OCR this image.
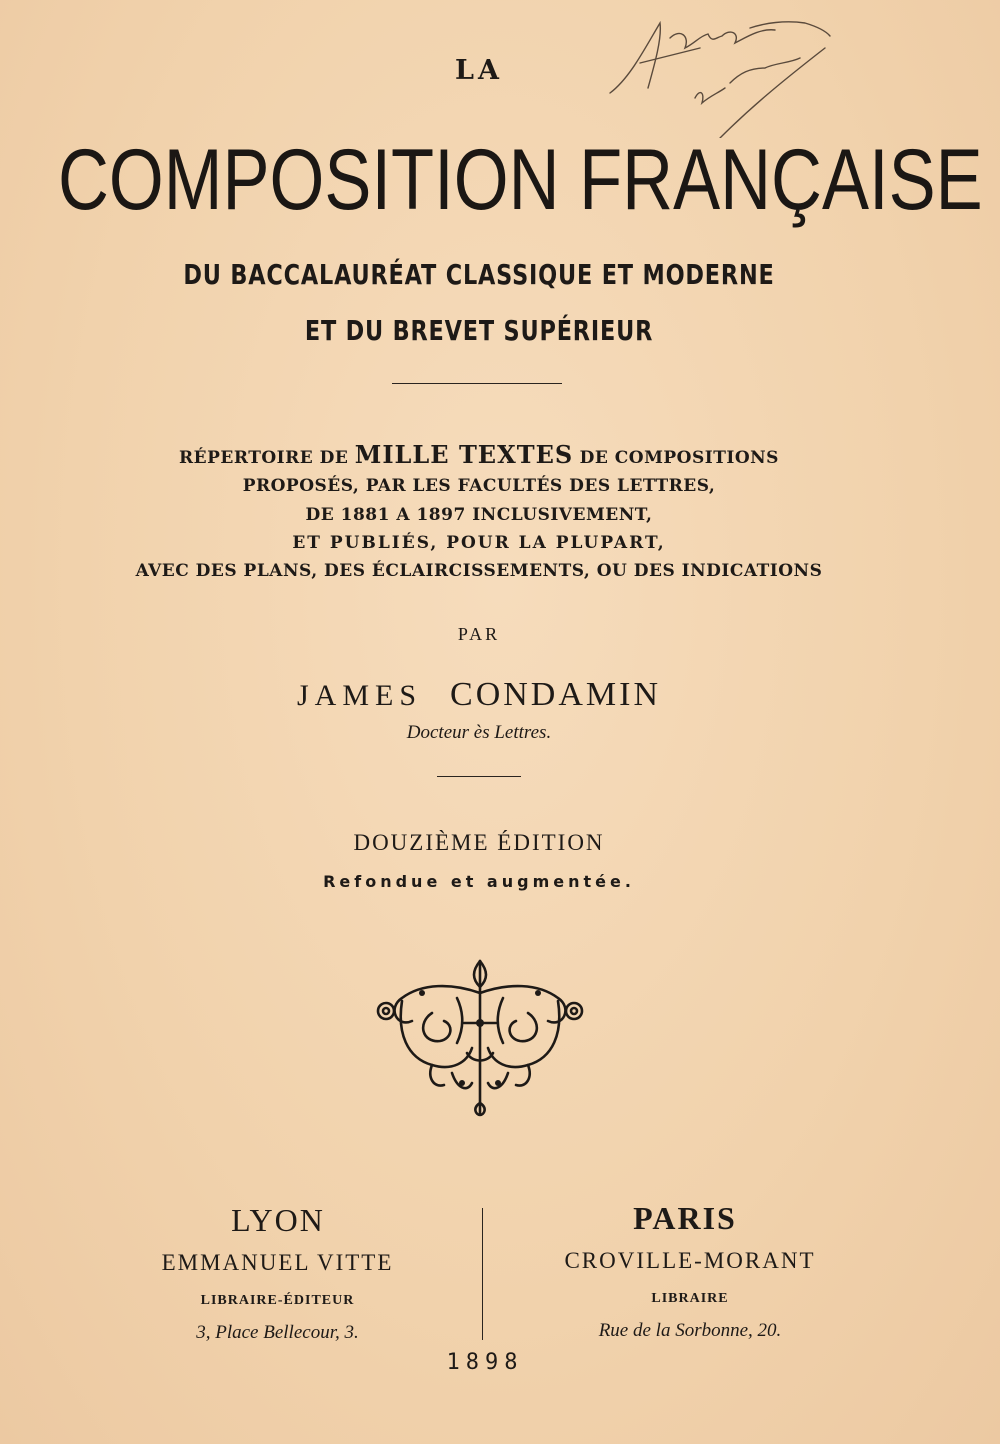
LA

COMPOSITION FRANÇAISE

DU BACCALAURÉAT CLASSIQUE ET MODERNE

ET DU BREVET SUPÉRIEUR

RÉPERTOIRE DE MILLE TEXTES DE COMPOSITIONS

PROPOSÉS, PAR LES FACULTÉS DES LETTRES,

DE 1881 A 1897 INCLUSIVEMENT,

ET PUBLIÉS, POUR LA PLUPART,

AVEC DES PLANS, DES ÉCLAIRCISSEMENTS, OU DES INDICATIONS

PAR

JAMES CONDAMIN

Docteur ès Lettres.

DOUZIÈME ÉDITION

Refondue et augmentée.

LYON

EMMANUEL VITTE

LIBRAIRE-ÉDITEUR

3, Place Bellecour, 3.

PARIS

CROVILLE-MORANT

LIBRAIRE

Rue de la Sorbonne, 20.

1898
